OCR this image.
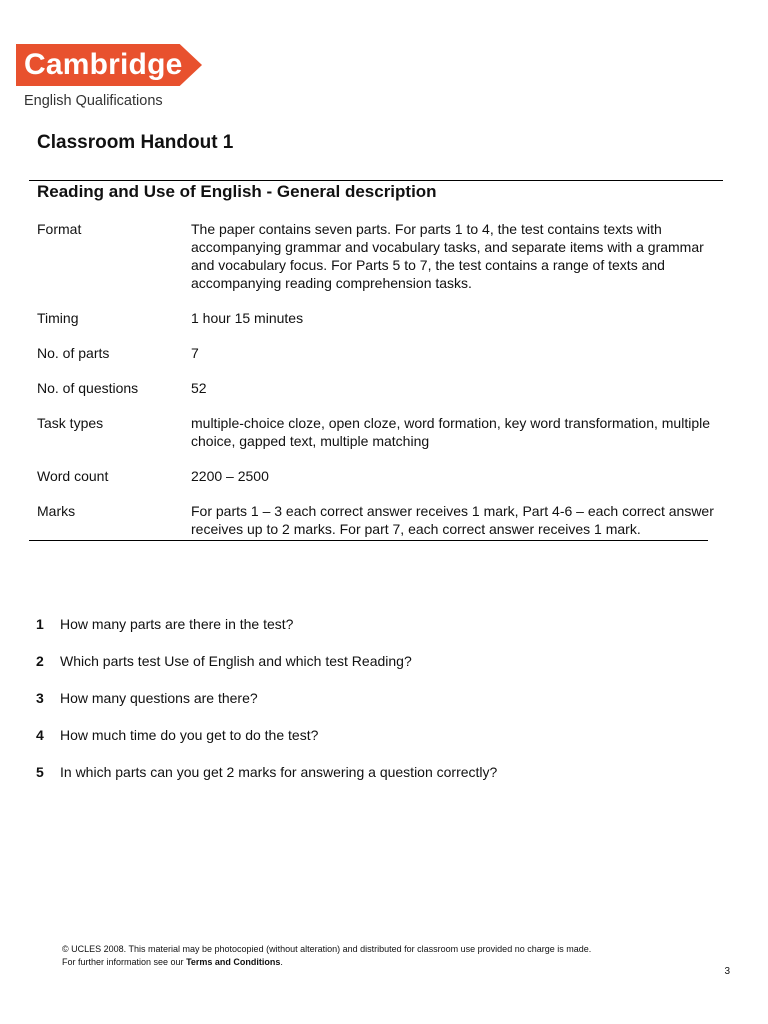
Cambridge
English Qualifications
Classroom Handout 1
Reading and Use of English - General description
Format	The paper contains seven parts. For parts 1 to 4, the test contains texts with accompanying grammar and vocabulary tasks, and separate items with a grammar and vocabulary focus. For Parts 5 to 7, the test contains a range of texts and accompanying reading comprehension tasks.
Timing	1 hour 15 minutes
No. of parts	7
No. of questions	52
Task types	multiple-choice cloze, open cloze, word formation, key word transformation, multiple choice, gapped text, multiple matching
Word count	2200 – 2500
Marks	For parts 1 – 3 each correct answer receives 1 mark, Part 4-6 – each correct answer receives up to 2 marks. For part 7, each correct answer receives 1 mark.
1	How many parts are there in the test?
2	Which parts test Use of English and which test Reading?
3	How many questions are there?
4	How much time do you get to do the test?
5	In which parts can you get 2 marks for answering a question correctly?
© UCLES 2008. This material may be photocopied (without alteration) and distributed for classroom use provided no charge is made.
For further information see our Terms and Conditions.
3
